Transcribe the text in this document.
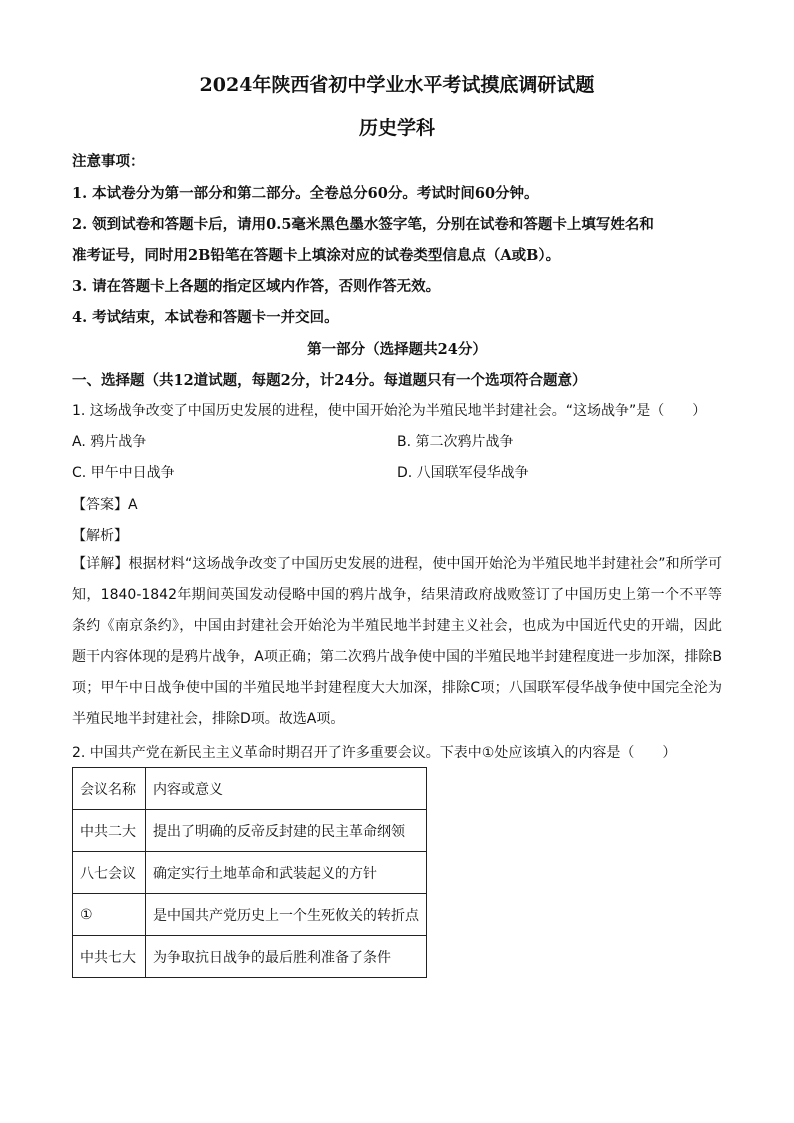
2024年陕西省初中学业水平考试摸底调研试题
历史学科
注意事项：
1. 本试卷分为第一部分和第二部分。全卷总分60分。考试时间60分钟。
2. 领到试卷和答题卡后，请用0.5毫米黑色墨水签字笔，分别在试卷和答题卡上填写姓名和
准考证号，同时用2B铅笔在答题卡上填涂对应的试卷类型信息点（A或B）。
3. 请在答题卡上各题的指定区域内作答，否则作答无效。
4. 考试结束，本试卷和答题卡一并交回。
第一部分（选择题共24分）
一、选择题（共12道试题，每题2分，计24分。每道题只有一个选项符合题意）
1. 这场战争改变了中国历史发展的进程，使中国开始沦为半殖民地半封建社会。“这场战争”是（　　）
A. 鸦片战争	B. 第二次鸦片战争
C. 甲午中日战争	D. 八国联军侵华战争
【答案】A
【解析】
【详解】根据材料“这场战争改变了中国历史发展的进程，使中国开始沦为半殖民地半封建社会”和所学可知，1840-1842年期间英国发动侵略中国的鸦片战争，结果清政府战败签订了中国历史上第一个不平等条约《南京条约》，中国由封建社会开始沦为半殖民地半封建主义社会，也成为中国近代史的开端，因此题干内容体现的是鸦片战争，A项正确；第二次鸦片战争使中国的半殖民地半封建程度进一步加深，排除B项；甲午中日战争使中国的半殖民地半封建程度大大加深，排除C项；八国联军侵华战争使中国完全沦为半殖民地半封建社会，排除D项。故选A项。
2. 中国共产党在新民主主义革命时期召开了许多重要会议。下表中①处应该填入的内容是（　　）
会议名称	内容或意义
中共二大	提出了明确的反帝反封建的民主革命纲领
八七会议	确定实行土地革命和武装起义的方针
①	是中国共产党历史上一个生死攸关的转折点
中共七大	为争取抗日战争的最后胜利准备了条件
